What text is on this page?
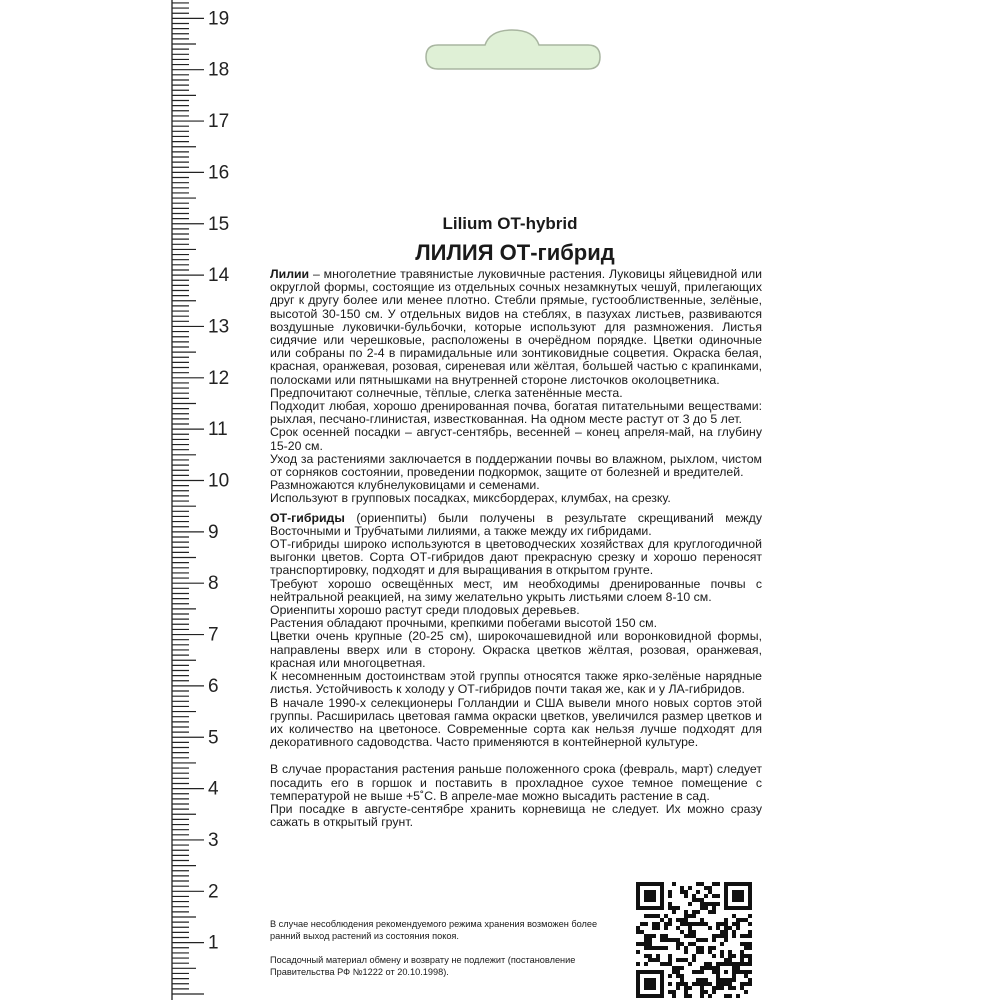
19
18
17
16
15
14
13
12
11
10
9
8
7
6
5
4
3
2
1
Lilium OT-hybrid
ЛИЛИЯ ОТ-гибрид

Лилии – многолетние травянистые луковичные растения. Луковицы яйцевидной или округлой формы, состоящие из отдельных сочных незамкнутых чешуй, прилегающих друг к другу более или менее плотно. Стебли прямые, густооблиственные, зелёные, высотой 30-150 см. У отдельных видов на стеблях, в пазухах листьев, развиваются воздушные луковички-бульбочки, которые используют для размножения. Листья сидячие или черешковые, расположены в очерёдном порядке. Цветки одиночные или собраны по 2-4 в пирамидальные или зонтиковидные соцветия. Окраска белая, красная, оранжевая, розовая, сиреневая или жёлтая, большей частью с крапинками, полосками или пятнышками на внутренней стороне листочков околоцветника.

Предпочитают солнечные, тёплые, слегка затенённые места.

Подходит любая, хорошо дренированная почва, богатая питательными веществами: рыхлая, песчано-глинистая, известкованная. На одном месте растут от 3 до 5 лет.

Срок осенней посадки – август-сентябрь, весенней – конец апреля-май, на глубину 15-20 см.

Уход за растениями заключается в поддержании почвы во влажном, рыхлом, чистом от сорняков состоянии, проведении подкормок, защите от болезней и вредителей.

Размножаются клубнелуковицами и семенами.

Используют в групповых посадках, миксбордерах, клумбах, на срезку.

ОТ-гибриды (ориенпиты) были получены в результате скрещиваний между Восточными и Трубчатыми лилиями, а также между их гибридами.

ОТ-гибриды широко используются в цветоводческих хозяйствах для круглогодичной выгонки цветов. Сорта ОТ-гибридов дают прекрасную срезку и хорошо переносят транспортировку, подходят и для выращивания в открытом грунте.

Требуют хорошо освещённых мест, им необходимы дренированные почвы с нейтральной реакцией, на зиму желательно укрыть листьями слоем 8-10 см.

Ориенпиты хорошо растут среди плодовых деревьев.

Растения обладают прочными, крепкими побегами высотой 150 см.

Цветки очень крупные (20-25 см), широкочашевидной или воронковидной формы, направлены вверх или в сторону. Окраска цветков жёлтая, розовая, оранжевая, красная или многоцветная.

К несомненным достоинствам этой группы относятся также ярко-зелёные нарядные листья. Устойчивость к холоду у ОТ-гибридов почти такая же, как и у ЛА-гибридов.

В начале 1990-х селекционеры Голландии и США вывели много новых сортов этой группы. Расширилась цветовая гамма окраски цветков, увеличился размер цветков и их количество на цветоносе. Современные сорта как нельзя лучше подходят для декоративного садоводства. Часто применяются в контейнерной культуре.

В случае прорастания растения раньше положенного срока (февраль, март) следует посадить его в горшок и поставить в прохладное сухое темное помещение с температурой не выше +5˚С. В апреле-мае можно высадить растение в сад.

При посадке в августе-сентябре хранить корневища не следует. Их можно сразу сажать в открытый грунт.

В случае несоблюдения рекомендуемого режима хранения возможен более ранний выход растений из состояния покоя.
Посадочный материал обмену и возврату не подлежит (постановление Правительства РФ №1222 от 20.10.1998).
